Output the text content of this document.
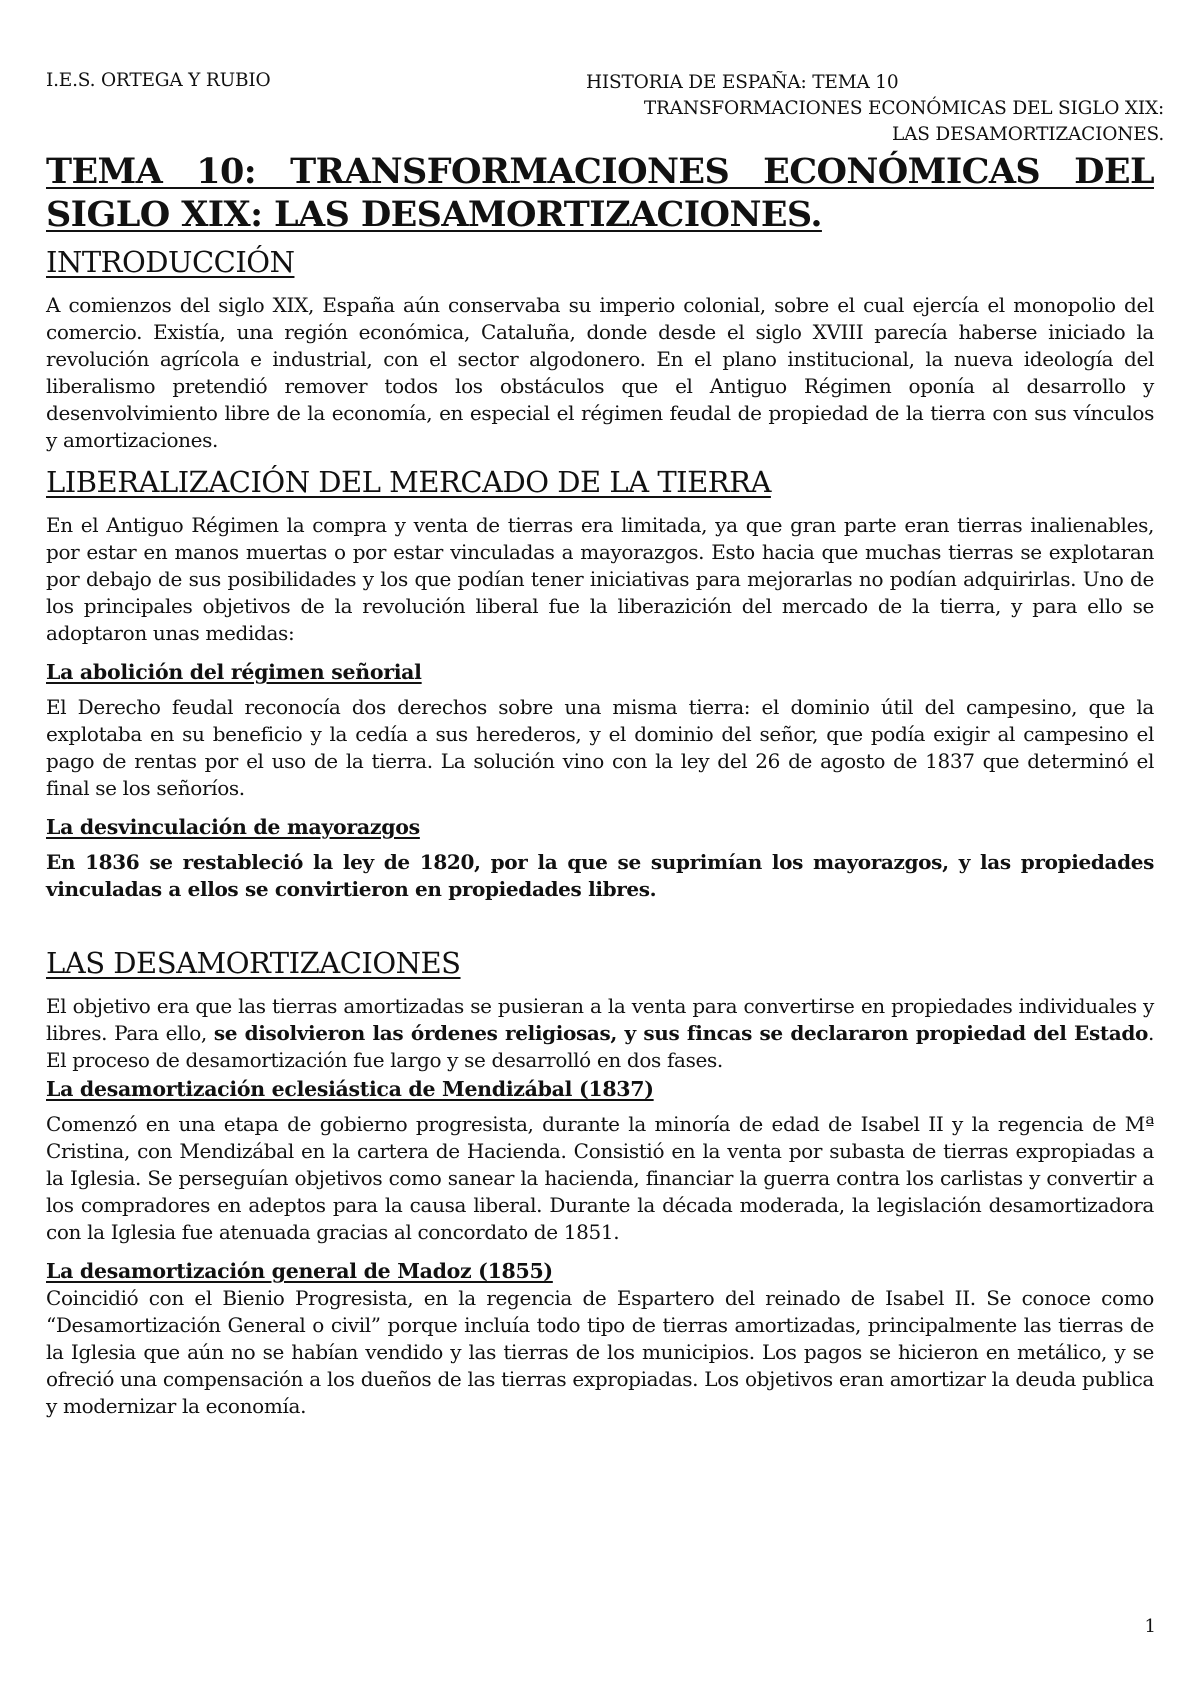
I.E.S. ORTEGA Y RUBIO	HISTORIA DE ESPAÑA: TEMA 10
TRANSFORMACIONES ECONÓMICAS DEL SIGLO XIX:
LAS DESAMORTIZACIONES.
TEMA 10: TRANSFORMACIONES ECONÓMICAS DEL SIGLO XIX: LAS DESAMORTIZACIONES.
INTRODUCCIÓN

A comienzos del siglo XIX, España aún conservaba su imperio colonial, sobre el cual ejercía el monopolio del comercio. Existía, una región económica, Cataluña, donde desde el siglo XVIII parecía haberse iniciado la revolución agrícola e industrial, con el sector algodonero. En el plano institucional, la nueva ideología del liberalismo pretendió remover todos los obstáculos que el Antiguo Régimen oponía al desarrollo y desenvolvimiento libre de la economía, en especial el régimen feudal de propiedad de la tierra con sus vínculos y amortizaciones.

LIBERALIZACIÓN DEL MERCADO DE LA TIERRA

En el Antiguo Régimen la compra y venta de tierras era limitada, ya que gran parte eran tierras inalienables, por estar en manos muertas o por estar vinculadas a mayorazgos. Esto hacia que muchas tierras se explotaran por debajo de sus posibilidades y los que podían tener iniciativas para mejorarlas no podían adquirirlas. Uno de los principales objetivos de la revolución liberal fue la liberazición del mercado de la tierra, y para ello se adoptaron unas medidas:

La abolición del régimen señorial

El Derecho feudal reconocía dos derechos sobre una misma tierra: el dominio útil del campesino, que la explotaba en su beneficio y la cedía a sus herederos, y el dominio del señor, que podía exigir al campesino el pago de rentas por el uso de la tierra. La solución vino con la ley del 26 de agosto de 1837 que determinó el final se los señoríos.

La desvinculación de mayorazgos

En 1836 se restableció la ley de 1820, por la que se suprimían los mayorazgos, y las propiedades vinculadas a ellos se convirtieron en propiedades libres.

LAS DESAMORTIZACIONES

El objetivo era que las tierras amortizadas se pusieran a la venta para convertirse en propiedades individuales y libres. Para ello, se disolvieron las órdenes religiosas, y sus fincas se declararon propiedad del Estado. El proceso de desamortización fue largo y se desarrolló en dos fases.

La desamortización eclesiástica de Mendizábal (1837)

Comenzó en una etapa de gobierno progresista, durante la minoría de edad de Isabel II y la regencia de Mª Cristina, con Mendizábal en la cartera de Hacienda. Consistió en la venta por subasta de tierras expropiadas a la Iglesia. Se perseguían objetivos como sanear la hacienda, financiar la guerra contra los carlistas y convertir a los compradores en adeptos para la causa liberal. Durante la década moderada, la legislación desamortizadora con la Iglesia fue atenuada gracias al concordato de 1851.

La desamortización general de Madoz (1855)

Coincidió con el Bienio Progresista, en la regencia de Espartero del reinado de Isabel II. Se conoce como “Desamortización General o civil” porque incluía todo tipo de tierras amortizadas, principalmente las tierras de la Iglesia que aún no se habían vendido y las tierras de los municipios. Los pagos se hicieron en metálico, y se ofreció una compensación a los dueños de las tierras expropiadas. Los objetivos eran amortizar la deuda publica y modernizar la economía.

1
